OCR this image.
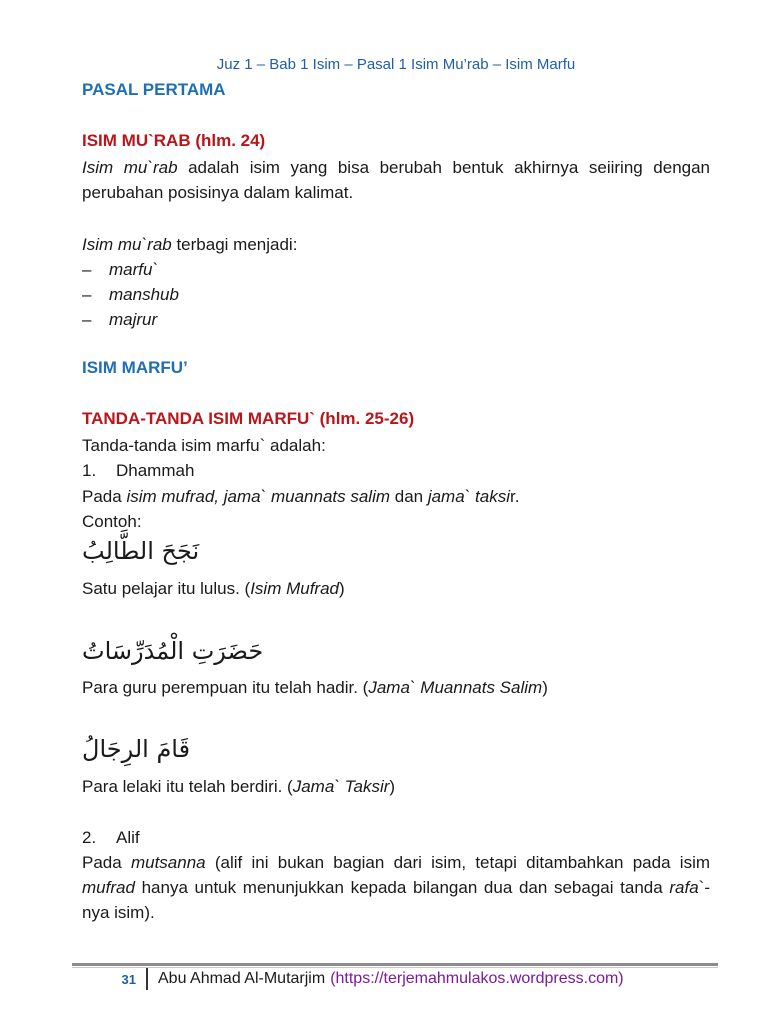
Juz 1 – Bab 1 Isim – Pasal 1 Isim Mu’rab – Isim Marfu
PASAL PERTAMA
ISIM MU`RAB (hlm. 24)
Isim mu`rab adalah isim yang bisa berubah bentuk akhirnya seiiring dengan perubahan posisinya dalam kalimat.
Isim mu`rab terbagi menjadi:
–	marfu`
–	manshub
–	majrur
ISIM MARFU’
TANDA-TANDA ISIM MARFU` (hlm. 25-26)
Tanda-tanda isim marfu` adalah:
1.	Dhammah
Pada isim mufrad, jama` muannats salim dan jama` taksir.
Contoh:
نَجَحَ الطَّالِبُ
Satu pelajar itu lulus. (Isim Mufrad)
حَضَرَتِ الْمُدَرِّسَاتُ
Para guru perempuan itu telah hadir. (Jama` Muannats Salim)
قَامَ الرِجَالُ
Para lelaki itu telah berdiri. (Jama` Taksir)
2.	Alif
Pada mutsanna (alif ini bukan bagian dari isim, tetapi ditambahkan pada isim mufrad hanya untuk menunjukkan kepada bilangan dua dan sebagai tanda rafa`-nya isim).
31	Abu Ahmad Al-Mutarjim (https://terjemahmulakos.wordpress.com)
